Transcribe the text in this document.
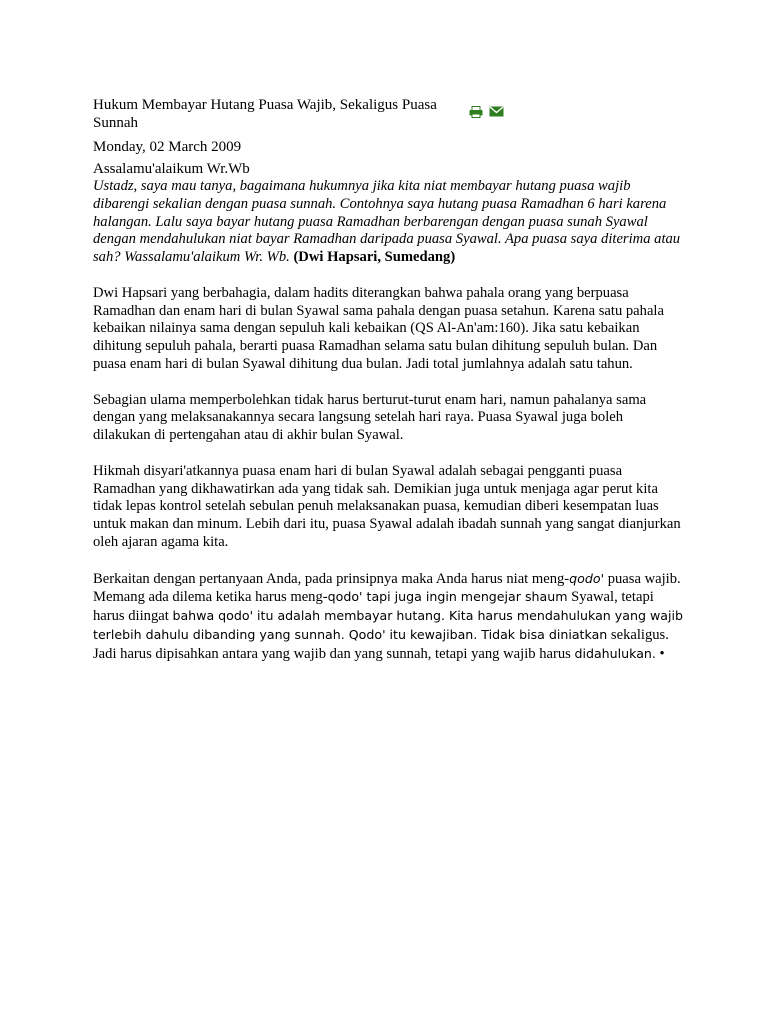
Hukum Membayar Hutang Puasa Wajib, Sekaligus Puasa Sunnah
Monday, 02 March 2009
Assalamu'alaikum Wr.Wb

Ustadz, saya mau tanya, bagaimana hukumnya jika kita niat membayar hutang puasa wajib dibarengi sekalian dengan puasa sunnah. Contohnya saya hutang puasa Ramadhan 6 hari karena halangan. Lalu saya bayar hutang puasa Ramadhan berbarengan dengan puasa sunah Syawal dengan mendahulukan niat bayar Ramadhan daripada puasa Syawal. Apa puasa saya diterima atau sah? Wassalamu'alaikum Wr. Wb. (Dwi Hapsari, Sumedang)

Dwi Hapsari yang berbahagia, dalam hadits diterangkan bahwa pahala orang yang berpuasa Ramadhan dan enam hari di bulan Syawal sama pahala dengan puasa setahun. Karena satu pahala kebaikan nilainya sama dengan sepuluh kali kebaikan (QS Al-An'am:160). Jika satu kebaikan dihitung sepuluh pahala, berarti puasa Ramadhan selama satu bulan dihitung sepuluh bulan. Dan puasa enam hari di bulan Syawal dihitung dua bulan. Jadi total jumlahnya adalah satu tahun.

Sebagian ulama memperbolehkan tidak harus berturut-turut enam hari, namun pahalanya sama dengan yang melaksanakannya secara langsung setelah hari raya. Puasa Syawal juga boleh dilakukan di pertengahan atau di akhir bulan Syawal.

Hikmah disyari'atkannya puasa enam hari di bulan Syawal adalah sebagai pengganti puasa Ramadhan yang dikhawatirkan ada yang tidak sah. Demikian juga untuk menjaga agar perut kita tidak lepas kontrol setelah sebulan penuh melaksanakan puasa, kemudian diberi kesempatan luas untuk makan dan minum. Lebih dari itu, puasa Syawal adalah ibadah sunnah yang sangat dianjurkan oleh ajaran agama kita.

Berkaitan dengan pertanyaan Anda, pada prinsipnya maka Anda harus niat meng-qodo' puasa wajib. Memang ada dilema ketika harus meng-qodo' tapi juga ingin mengejar shaum Syawal, tetapi harus diingat bahwa qodo' itu adalah membayar hutang. Kita harus mendahulukan yang wajib terlebih dahulu dibanding yang sunnah. Qodo' itu kewajiban. Tidak bisa diniatkan sekaligus. Jadi harus dipisahkan antara yang wajib dan yang sunnah, tetapi yang wajib harus didahulukan. •
